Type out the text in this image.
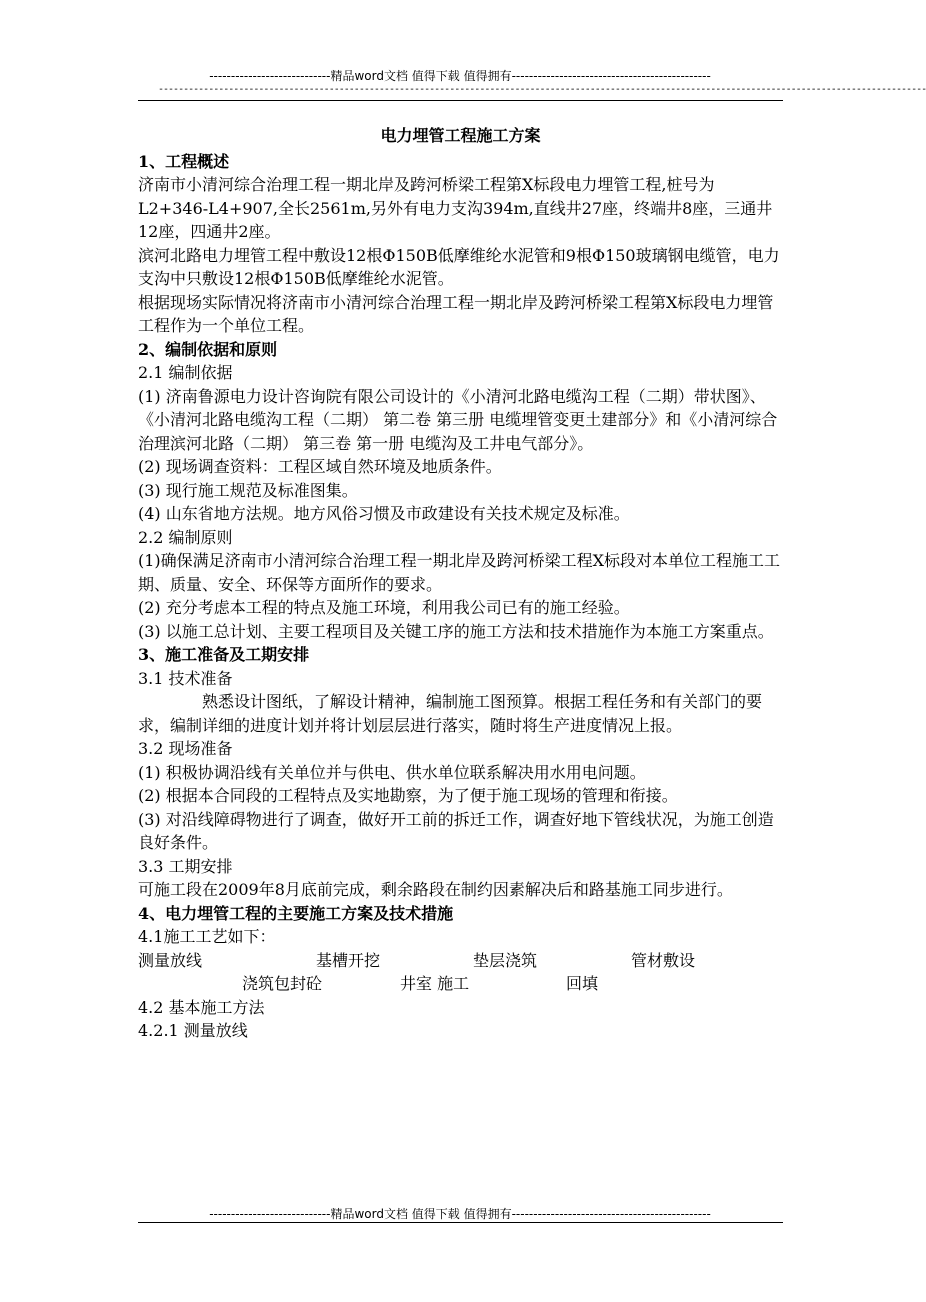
----------------------------精品word文档 值得下载 值得拥有----------------------------------------------
---------------------------------------------------------------------------------------------------------------------------------------------------------
电力埋管工程施工方案
1、工程概述

济南市小清河综合治理工程一期北岸及跨河桥梁工程第X标段电力埋管工程,桩号为L2+346-L4+907,全长2561m,另外有电力支沟394m,直线井27座，终端井8座，三通井12座，四通井2座。

滨河北路电力埋管工程中敷设12根Φ150B低摩维纶水泥管和9根Φ150玻璃钢电缆管，电力支沟中只敷设12根Φ150B低摩维纶水泥管。

根据现场实际情况将济南市小清河综合治理工程一期北岸及跨河桥梁工程第X标段电力埋管工程作为一个单位工程。

2、编制依据和原则

2.1 编制依据

(1) 济南鲁源电力设计咨询院有限公司设计的《小清河北路电缆沟工程（二期）带状图》、《小清河北路电缆沟工程（二期） 第二卷 第三册 电缆埋管变更土建部分》和《小清河综合治理滨河北路（二期） 第三卷 第一册 电缆沟及工井电气部分》。

(2) 现场调查资料：工程区域自然环境及地质条件。

(3) 现行施工规范及标准图集。

(4) 山东省地方法规。地方风俗习惯及市政建设有关技术规定及标准。

2.2 编制原则

(1)确保满足济南市小清河综合治理工程一期北岸及跨河桥梁工程X标段对本单位工程施工工期、质量、安全、环保等方面所作的要求。

(2) 充分考虑本工程的特点及施工环境，利用我公司已有的施工经验。

(3) 以施工总计划、主要工程项目及关键工序的施工方法和技术措施作为本施工方案重点。

3、施工准备及工期安排

3.1 技术准备

熟悉设计图纸，了解设计精神，编制施工图预算。根据工程任务和有关部门的要求，编制详细的进度计划并将计划层层进行落实，随时将生产进度情况上报。

3.2 现场准备

(1) 积极协调沿线有关单位并与供电、供水单位联系解决用水用电问题。

(2) 根据本合同段的工程特点及实地勘察，为了便于施工现场的管理和衔接。

(3) 对沿线障碍物进行了调查，做好开工前的拆迁工作，调查好地下管线状况，为施工创造良好条件。

3.3 工期安排

可施工段在2009年8月底前完成，剩余路段在制约因素解决后和路基施工同步进行。

4、电力埋管工程的主要施工方案及技术措施

4.1施工工艺如下：

测量放线	基槽开挖	垫层浇筑	管材敷设
浇筑包封砼	井室 施工	回填

4.2 基本施工方法

4.2.1 测量放线

----------------------------精品word文档 值得下载 值得拥有----------------------------------------------
